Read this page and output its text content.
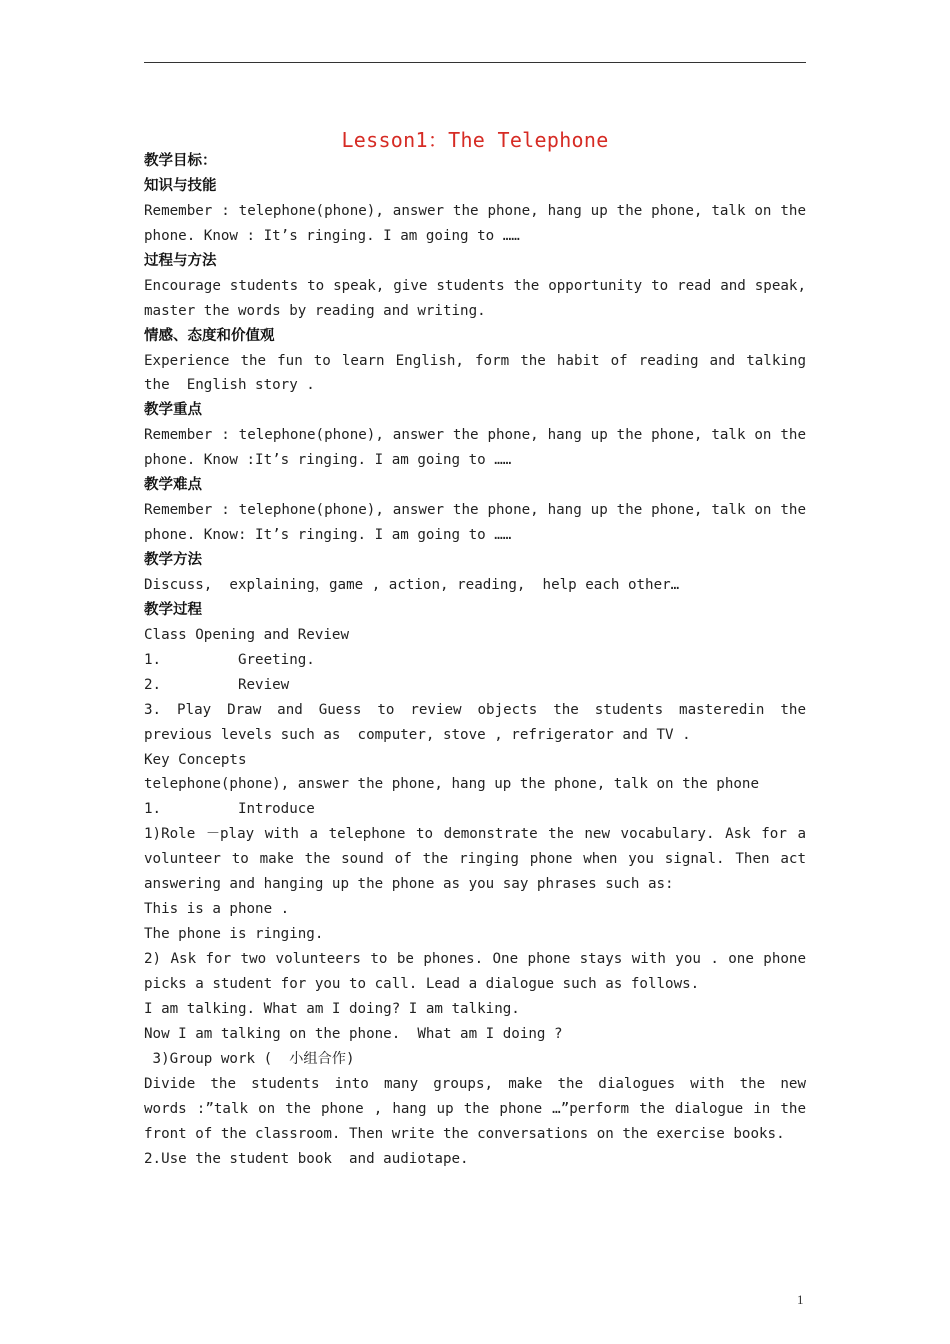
Lesson1：The Telephone
教学目标：
知识与技能
Remember : telephone(phone), answer the phone, hang up the phone, talk on the
phone. Know : It’s ringing. I am going to ……
过程与方法
Encourage students to speak, give students the opportunity to read and speak,
master the words by reading and writing.
情感、态度和价值观
Experience the fun to learn English, form the habit of reading and talking
the  English story .
教学重点
Remember : telephone(phone), answer the phone, hang up the phone, talk on the
phone. Know :It’s ringing. I am going to ……
教学难点
Remember : telephone(phone), answer the phone, hang up the phone, talk on the
phone. Know: It’s ringing. I am going to ……
教学方法
Discuss,  explaining，game , action, reading,  help each other…
教学过程
Class Opening and Review
1.         Greeting.
2.         Review
3. Play Draw and Guess to review objects the students masteredin the
previous levels such as  computer, stove , refrigerator and TV .
Key Concepts
telephone(phone), answer the phone, hang up the phone, talk on the phone
1.         Introduce
1)Role －play with a telephone to demonstrate the new vocabulary. Ask for a
volunteer to make the sound of the ringing phone when you signal. Then act
answering and hanging up the phone as you say phrases such as:
This is a phone .
The phone is ringing.
2) Ask for two volunteers to be phones. One phone stays with you . one phone
picks a student for you to call. Lead a dialogue such as follows.
I am talking. What am I doing? I am talking.
Now I am talking on the phone.  What am I doing ?
3)Group work (  小组合作)
Divide the students into many groups, make the dialogues with the new
words :”talk on the phone , hang up the phone …”perform the dialogue in the
front of the classroom. Then write the conversations on the exercise books.
2.Use the student book  and audiotape.
1
